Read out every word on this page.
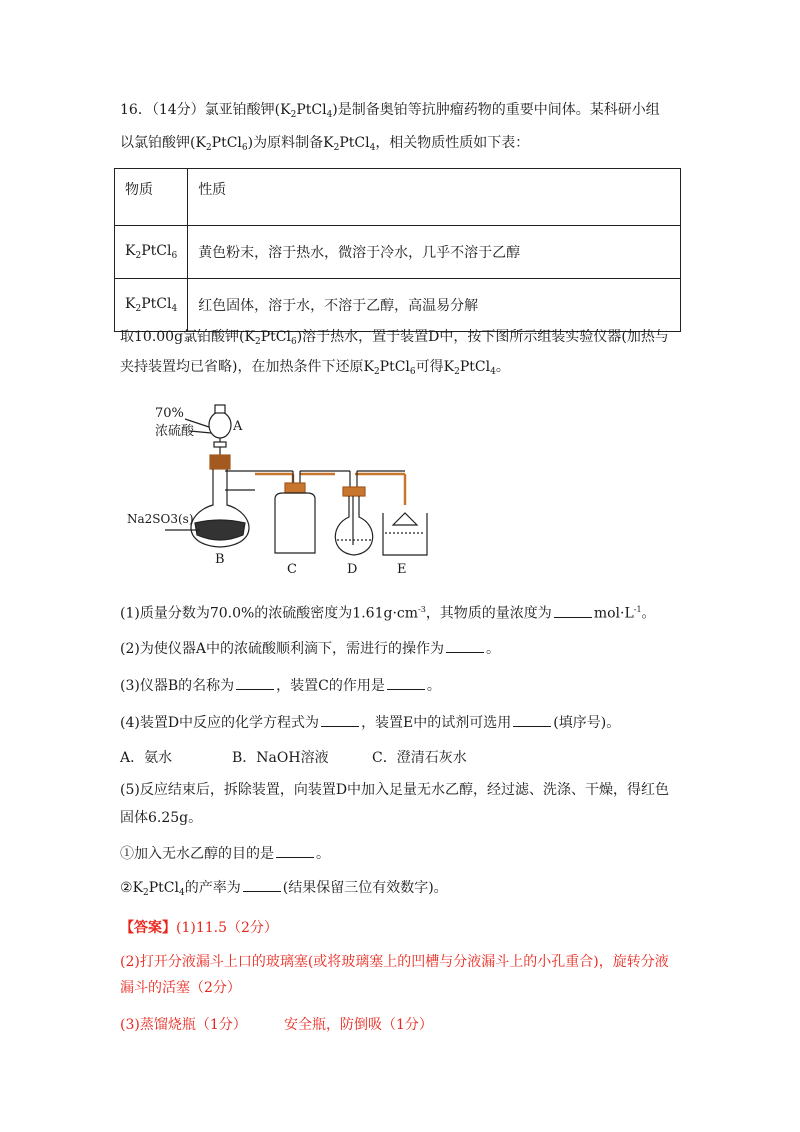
16．（14分）氯亚铂酸钾$(K_2PtCl_4)$是制备奥铂等抗肿瘤药物的重要中间体。某科研小组
以氯铂酸钾$(K_2PtCl_6)$为原料制备$K_2PtCl_4$，相关物质性质如下表：
物质	性质
$K_2PtCl_6$	黄色粉末，溶于热水，微溶于冷水，几乎不溶于乙醇
$K_2PtCl_4$	红色固体，溶于水，不溶于乙醇，高温易分解
取10.00g氯铂酸钾$(K_2PtCl_6)$溶于热水，置于装置D中，按下图所示组装实验仪器(加热与
夹持装置均已省略)，在加热条件下还原$K_2PtCl_6$可得$K_2PtCl_4$。
70%
浓硫酸	A
Na2SO3(s)
B
C	D	E
(1)质量分数为70.0%的浓硫酸密度为$1.61g\cdot cm^{-3}$，其物质的量浓度为	$mol\cdot L^{-1}$。
(2)为使仪器A中的浓硫酸顺利滴下，需进行的操作为	。
(3)仪器B的名称为	，装置C的作用是	。
(4)装置D中反应的化学方程式为	，装置E中的试剂可选用	(填序号)。
A．氨水	B．NaOH溶液	C．澄清石灰水
(5)反应结束后，拆除装置，向装置D中加入足量无水乙醇，经过滤、洗涤、干燥，得红色
固体6.25g。
①加入无水乙醇的目的是	。
$②K_2PtCl_4$的产率为	(结果保留三位有效数字)。
【答案】(1)11.5（2分）
(2)打开分液漏斗上口的玻璃塞(或将玻璃塞上的凹槽与分液漏斗上的小孔重合)，旋转分液
漏斗的活塞（2分）
(3)蒸馏烧瓶（1分）	安全瓶，防倒吸（1分）
